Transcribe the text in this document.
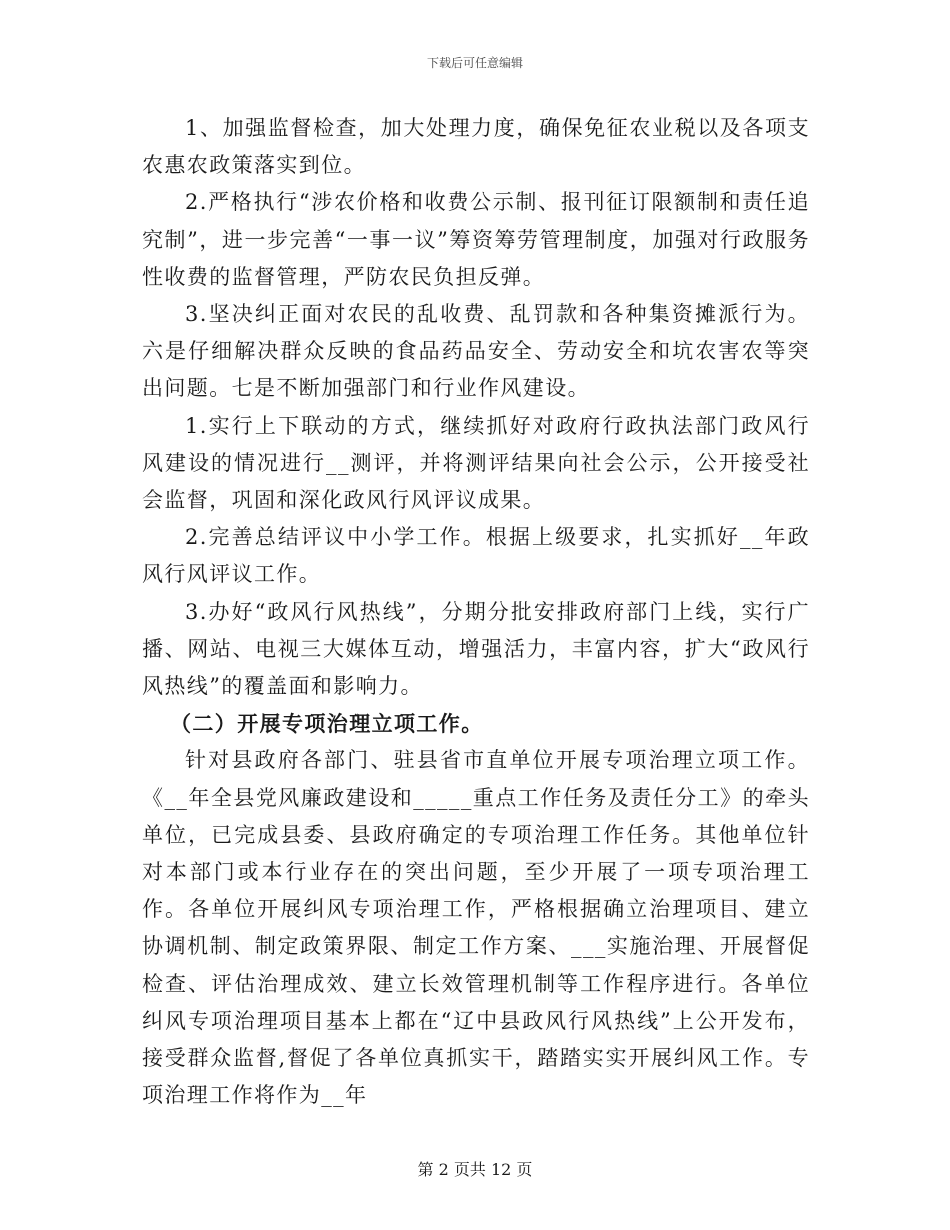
下载后可任意编辑

1、加强监督检查，加大处理力度，确保免征农业税以及各项支农惠农政策落实到位。

2.严格执行“涉农价格和收费公示制、报刊征订限额制和责任追究制”，进一步完善“一事一议”筹资筹劳管理制度，加强对行政服务性收费的监督管理，严防农民负担反弹。

3.坚决纠正面对农民的乱收费、乱罚款和各种集资摊派行为。六是仔细解决群众反映的食品药品安全、劳动安全和坑农害农等突出问题。七是不断加强部门和行业作风建设。

1.实行上下联动的方式，继续抓好对政府行政执法部门政风行风建设的情况进行__测评，并将测评结果向社会公示，公开接受社会监督，巩固和深化政风行风评议成果。

2.完善总结评议中小学工作。根据上级要求，扎实抓好__年政风行风评议工作。

3.办好“政风行风热线”，分期分批安排政府部门上线，实行广播、网站、电视三大媒体互动，增强活力，丰富内容，扩大“政风行风热线”的覆盖面和影响力。

（二）开展专项治理立项工作。

针对县政府各部门、驻县省市直单位开展专项治理立项工作。《__年全县党风廉政建设和_____重点工作任务及责任分工》的牵头单位，已完成县委、县政府确定的专项治理工作任务。其他单位针对本部门或本行业存在的突出问题，至少开展了一项专项治理工作。各单位开展纠风专项治理工作，严格根据确立治理项目、建立协调机制、制定政策界限、制定工作方案、___实施治理、开展督促检查、评估治理成效、建立长效管理机制等工作程序进行。各单位纠风专项治理项目基本上都在“辽中县政风行风热线”上公开发布，接受群众监督,督促了各单位真抓实干，踏踏实实开展纠风工作。专项治理工作将作为__年

第 2 页共 12 页
